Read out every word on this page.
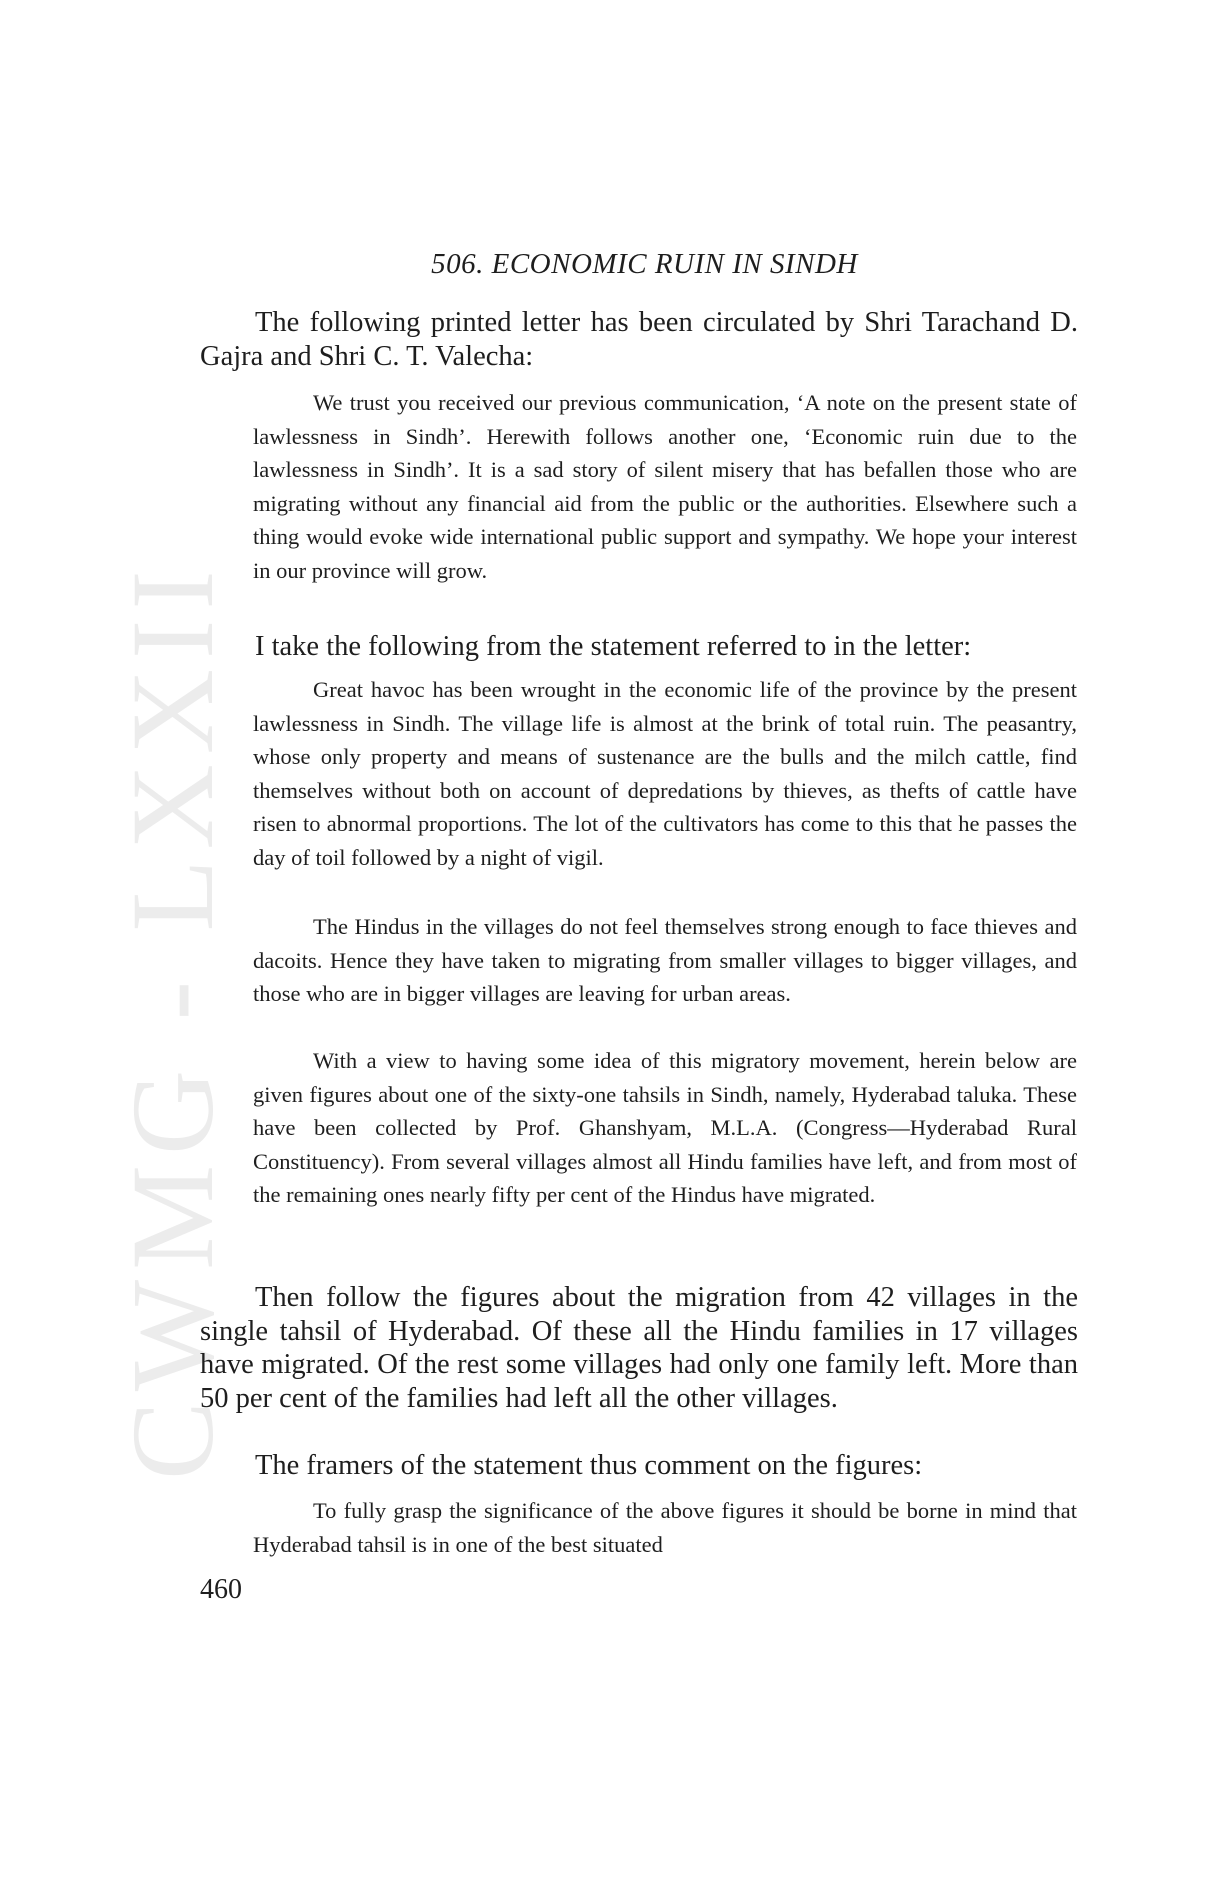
CWMG - LXXII
506. ECONOMIC RUIN IN SINDH

The following printed letter has been circulated by Shri Tarachand D. Gajra and Shri C. T. Valecha:

We trust you received our previous communication, ‘A note on the present state of lawlessness in Sindh’. Herewith follows another one, ‘Economic ruin due to the lawlessness in Sindh’. It is a sad story of silent misery that has befallen those who are migrating without any financial aid from the public or the authorities. Elsewhere such a thing would evoke wide international public support and sympathy. We hope your interest in our province will grow.

I take the following from the statement referred to in the letter:

Great havoc has been wrought in the economic life of the province by the present lawlessness in Sindh. The village life is almost at the brink of total ruin. The peasantry, whose only property and means of sustenance are the bulls and the milch cattle, find themselves without both on account of depredations by thieves, as thefts of cattle have risen to abnormal proportions. The lot of the cultivators has come to this that he passes the day of toil followed by a night of vigil.

The Hindus in the villages do not feel themselves strong enough to face thieves and dacoits. Hence they have taken to migrating from smaller villages to bigger villages, and those who are in bigger villages are leaving for urban areas.

With a view to having some idea of this migratory movement, herein below are given figures about one of the sixty-one tahsils in Sindh, namely, Hyderabad taluka. These have been collected by Prof. Ghanshyam, M.L.A. (Congress—Hyderabad Rural Constituency). From several villages almost all Hindu families have left, and from most of the remaining ones nearly fifty per cent of the Hindus have migrated.

Then follow the figures about the migration from 42 villages in the single tahsil of Hyderabad. Of these all the Hindu families in 17 villages have migrated. Of the rest some villages had only one family left. More than 50 per cent of the families had left all the other villages.

The framers of the statement thus comment on the figures:

To fully grasp the significance of the above figures it should be borne in mind that Hyderabad tahsil is in one of the best situated

460
